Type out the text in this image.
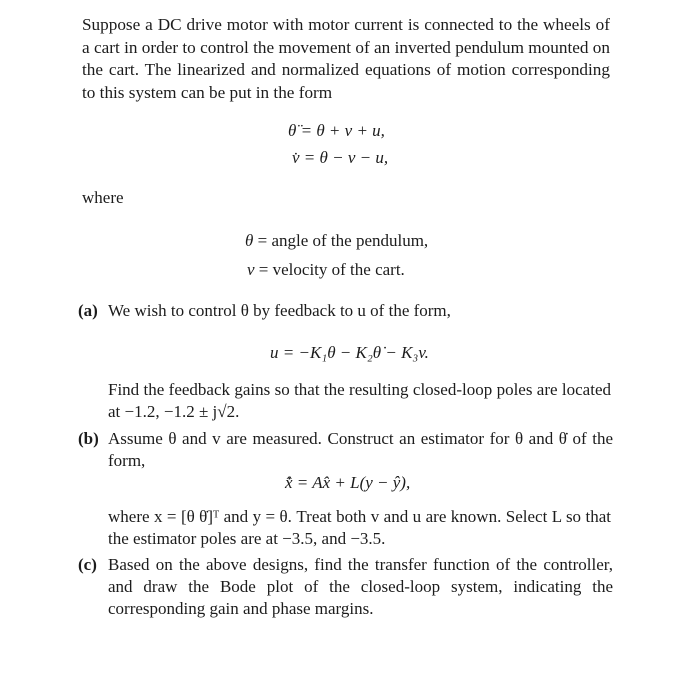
Suppose a DC drive motor with motor current is connected to the wheels of a cart in order to control the movement of an inverted pendulum mounted on the cart. The linearized and normalized equations of motion corresponding to this system can be put in the form
θ̈ = θ + v + u,
v̇ = θ − v − u,
where
θ = angle of the pendulum,
v = velocity of the cart.
(a) We wish to control θ by feedback to u of the form,
u = −K₁θ − K₂θ̇ − K₃v.
Find the feedback gains so that the resulting closed-loop poles are located at −1.2, −1.2 ± j√2.
(b) Assume θ and v are measured. Construct an estimator for θ and θ̇ of the form,
x̂̇ = Ax̂ + L(y − ŷ),
where x = [θ θ̇]ᵀ and y = θ. Treat both v and u are known. Select L so that the estimator poles are at −3.5, and −3.5.
(c) Based on the above designs, find the transfer function of the controller, and draw the Bode plot of the closed-loop system, indicating the corresponding gain and phase margins.
